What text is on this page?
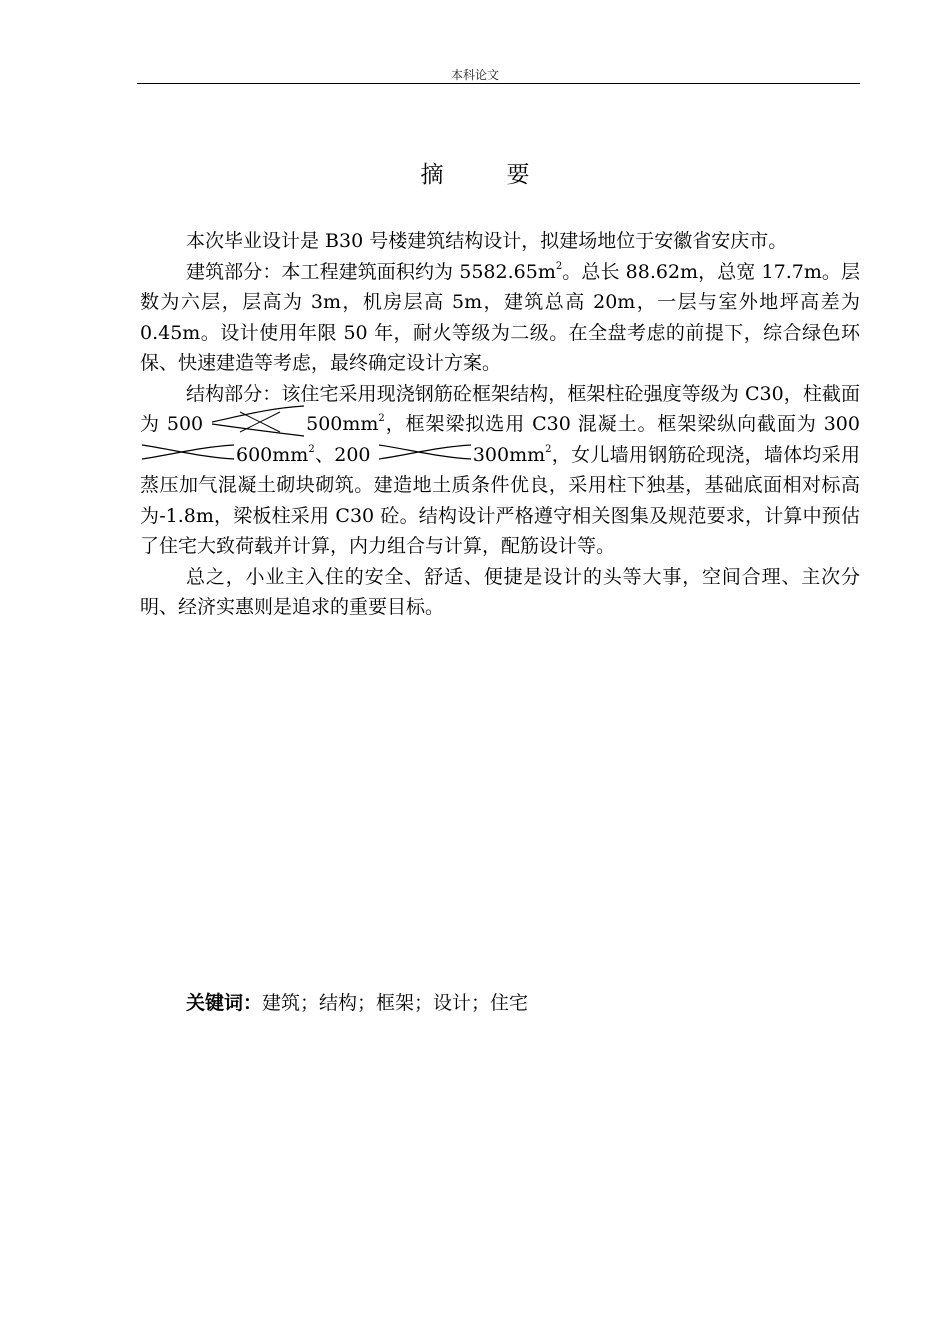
本科论文
摘　要

本次毕业设计是 B30 号楼建筑结构设计，拟建场地位于安徽省安庆市。

建筑部分：本工程建筑面积约为 $5582.65m^2$。总长 88.62m，总宽 17.7m。层数为六层，层高为 3m，机房层高 5m，建筑总高 20m，一层与室外地坪高差为 0.45m。设计使用年限 50 年，耐火等级为二级。在全盘考虑的前提下，综合绿色环保、快速建造等考虑，最终确定设计方案。

结构部分：该住宅采用现浇钢筋砼框架结构，框架柱砼强度等级为 C30，柱截面为 500	$500mm^2$，框架梁拟选用 C30 混凝土。框架梁纵向截面为 300
$600mm^2$、200	$300mm^2$，女儿墙用钢筋砼现浇，墙体均采用蒸压加气混凝土砌块砌筑。建造地土质条件优良，采用柱下独基，基础底面相对标高为-1.8m，梁板柱采用 C30 砼。结构设计严格遵守相关图集及规范要求，计算中预估了住宅大致荷载并计算，内力组合与计算，配筋设计等。

总之，小业主入住的安全、舒适、便捷是设计的头等大事，空间合理、主次分明、经济实惠则是追求的重要目标。

关键词：建筑；结构；框架；设计；住宅
